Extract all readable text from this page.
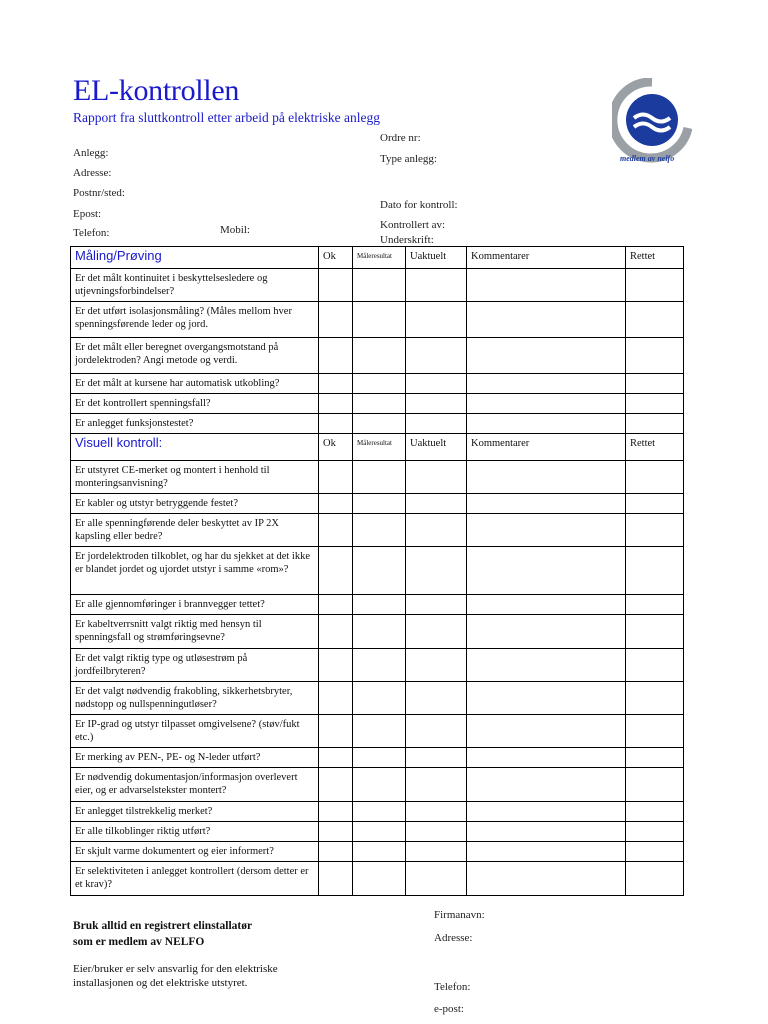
EL-kontrollen
Rapport fra sluttkontroll etter arbeid på elektriske anlegg
medlem av nelfo
Anlegg:
Adresse:
Postnr/sted:
Epost:
Telefon:	Mobil:
Ordre nr:
Type anlegg:
Dato for kontroll:
Kontrollert av:
Underskrift:
Måling/Prøving	Ok	Måleresultat	Uaktuelt	Kommentarer	Rettet
Er det målt kontinuitet i beskyttelsesledere og utjevningsforbindelser?					
Er det utført isolasjonsmåling? (Måles mellom hver spenningsførende leder og jord.					
Er det målt eller beregnet overgangsmotstand på jordelektroden? Angi metode og verdi.					
Er det målt at kursene har automatisk utkobling?					
Er det kontrollert spenningsfall?					
Er anlegget funksjonstestet?					
Visuell kontroll:	Ok	Måleresultat	Uaktuelt	Kommentarer	Rettet
Er utstyret CE-merket og montert i henhold til monteringsanvisning?					
Er kabler og utstyr betryggende festet?					
Er alle spenningførende deler beskyttet av IP 2X kapsling eller bedre?					
Er jordelektroden tilkoblet, og har du sjekket at det ikke er blandet jordet og ujordet utstyr i samme «rom»?					
Er alle gjennomføringer i brannvegger tettet?					
Er kabeltverrsnitt valgt riktig med hensyn til spenningsfall og strømføringsevne?					
Er det valgt riktig type og utløsestrøm på jordfeilbryteren?					
Er det valgt nødvendig frakobling, sikkerhetsbryter, nødstopp og nullspenningutløser?					
Er IP-grad og utstyr tilpasset omgivelsene? (støv/fukt etc.)					
Er merking av PEN-, PE- og N-leder utført?					
Er nødvendig dokumentasjon/informasjon overlevert eier, og er advarselstekster montert?					
Er anlegget tilstrekkelig merket?					
Er alle tilkoblinger riktig utført?					
Er skjult varme dokumentert og eier informert?					
Er selektiviteten i anlegget kontrollert (dersom detter er et krav)?					
Bruk alltid en registrert elinstallatør
som er medlem av NELFO
Eier/bruker er selv ansvarlig for den elektriske
installasjonen og det elektriske utstyret.
Firmanavn:
Adresse:
Telefon:
e-post:
